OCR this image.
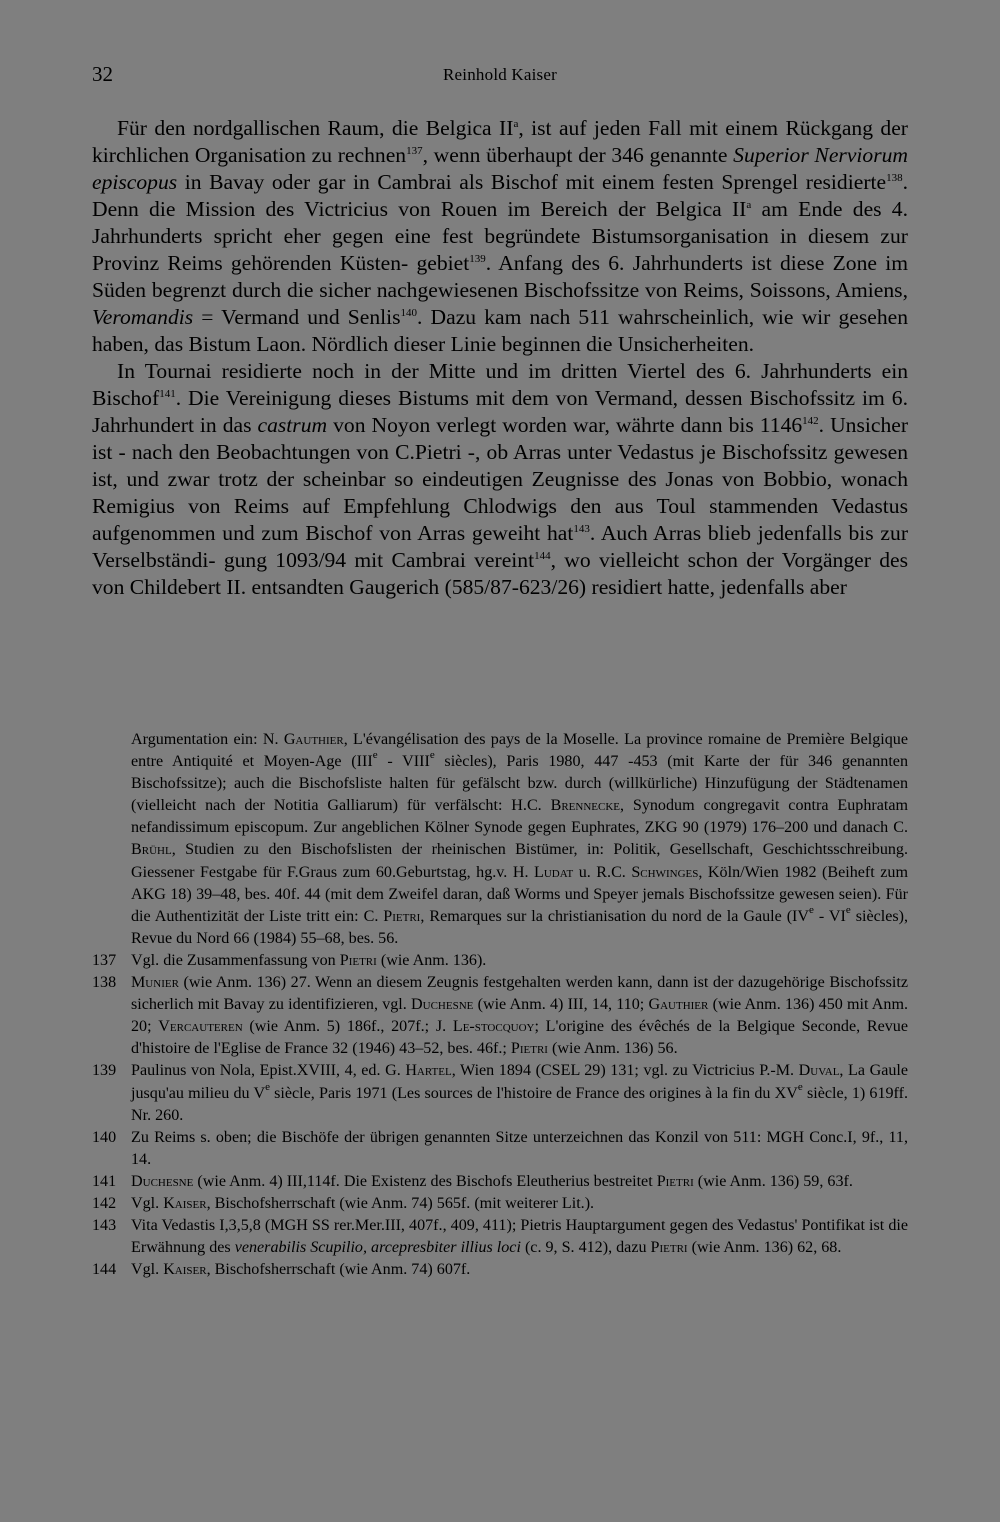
32	Reinhold Kaiser

Für den nordgallischen Raum, die Belgica $II^a$, ist auf jeden Fall mit einem Rückgang der kirchlichen Organisation zu rechnen$^{137}$, wenn überhaupt der 346 genannte Superior Nerviorum episcopus in Bavay oder gar in Cambrai als Bischof mit einem festen Sprengel residierte$^{138}$. Denn die Mission des Victricius von Rouen im Bereich der Belgica $II^a$ am Ende des 4. Jahrhunderts spricht eher gegen eine fest begründete Bistumsorganisation in diesem zur Provinz Reims gehörenden Küsten- gebiet$^{139}$. Anfang des 6. Jahrhunderts ist diese Zone im Süden begrenzt durch die sicher nachgewiesenen Bischofssitze von Reims, Soissons, Amiens, Veromandis = Vermand und Senlis$^{140}$. Dazu kam nach 511 wahrscheinlich, wie wir gesehen haben, das Bistum Laon. Nördlich dieser Linie beginnen die Unsicherheiten.

In Tournai residierte noch in der Mitte und im dritten Viertel des 6. Jahrhunderts ein Bischof$^{141}$. Die Vereinigung dieses Bistums mit dem von Vermand, dessen Bischofssitz im 6. Jahrhundert in das castrum von Noyon verlegt worden war, währte dann bis 1146$^{142}$. Unsicher ist - nach den Beobachtungen von C.Pietri -, ob Arras unter Vedastus je Bischofssitz gewesen ist, und zwar trotz der scheinbar so eindeutigen Zeugnisse des Jonas von Bobbio, wonach Remigius von Reims auf Empfehlung Chlodwigs den aus Toul stammenden Vedastus aufgenommen und zum Bischof von Arras geweiht hat$^{143}$. Auch Arras blieb jedenfalls bis zur Verselbständi- gung 1093/94 mit Cambrai vereint$^{144}$, wo vielleicht schon der Vorgänger des von Childebert II. entsandten Gaugerich (585/87-623/26) residiert hatte, jedenfalls aber

Argumentation ein: N. Gauthier, L'évangélisation des pays de la Moselle. La province romaine de Première Belgique entre Antiquité et Moyen-Age (IIIe - VIIIe siècles), Paris 1980, 447 -453 (mit Karte der für 346 genannten Bischofssitze); auch die Bischofsliste halten für gefälscht bzw. durch (willkürliche) Hinzufügung der Städtenamen (vielleicht nach der Notitia Galliarum) für verfälscht: H.C. Brennecke, Synodum congregavit contra Euphratam nefandissimum episcopum. Zur angeblichen Kölner Synode gegen Euphrates, ZKG 90 (1979) 176–200 und danach C. Brühl, Studien zu den Bischofslisten der rheinischen Bistümer, in: Politik, Gesellschaft, Geschichtsschreibung. Giessener Festgabe für F.Graus zum 60.Geburtstag, hg.v. H. Ludat u. R.C. Schwinges, Köln/Wien 1982 (Beiheft zum AKG 18) 39–48, bes. 40f. 44 (mit dem Zweifel daran, daß Worms und Speyer jemals Bischofssitze gewesen seien). Für die Authentizität der Liste tritt ein: C. Pietri, Remarques sur la christianisation du nord de la Gaule (IVe - VIe siècles), Revue du Nord 66 (1984) 55–68, bes. 56.

137 Vgl. die Zusammenfassung von Pietri (wie Anm. 136).
138 Munier (wie Anm. 136) 27. Wenn an diesem Zeugnis festgehalten werden kann, dann ist der dazugehörige Bischofssitz sicherlich mit Bavay zu identifizieren, vgl. Duchesne (wie Anm. 4) III, 14, 110; Gauthier (wie Anm. 136) 450 mit Anm. 20; Vercauteren (wie Anm. 5) 186f., 207f.; J. Le-stocquoy; L'origine des évêchés de la Belgique Seconde, Revue d'histoire de l'Eglise de France 32 (1946) 43–52, bes. 46f.; Pietri (wie Anm. 136) 56.
139 Paulinus von Nola, Epist.XVIII, 4, ed. G. Hartel, Wien 1894 (CSEL 29) 131; vgl. zu Victricius P.-M. Duval, La Gaule jusqu'au milieu du Ve siècle, Paris 1971 (Les sources de l'histoire de France des origines à la fin du XVe siècle, 1) 619ff. Nr. 260.
140 Zu Reims s. oben; die Bischöfe der übrigen genannten Sitze unterzeichnen das Konzil von 511: MGH Conc.I, 9f., 11, 14.
141 Duchesne (wie Anm. 4) III,114f. Die Existenz des Bischofs Eleutherius bestreitet Pietri (wie Anm. 136) 59, 63f.
142 Vgl. Kaiser, Bischofsherrschaft (wie Anm. 74) 565f. (mit weiterer Lit.).
143 Vita Vedastis I,3,5,8 (MGH SS rer.Mer.III, 407f., 409, 411); Pietris Hauptargument gegen des Vedastus' Pontifikat ist die Erwähnung des venerabilis Scupilio, arcepresbiter illius loci (c. 9, S. 412), dazu Pietri (wie Anm. 136) 62, 68.
144 Vgl. Kaiser, Bischofsherrschaft (wie Anm. 74) 607f.
